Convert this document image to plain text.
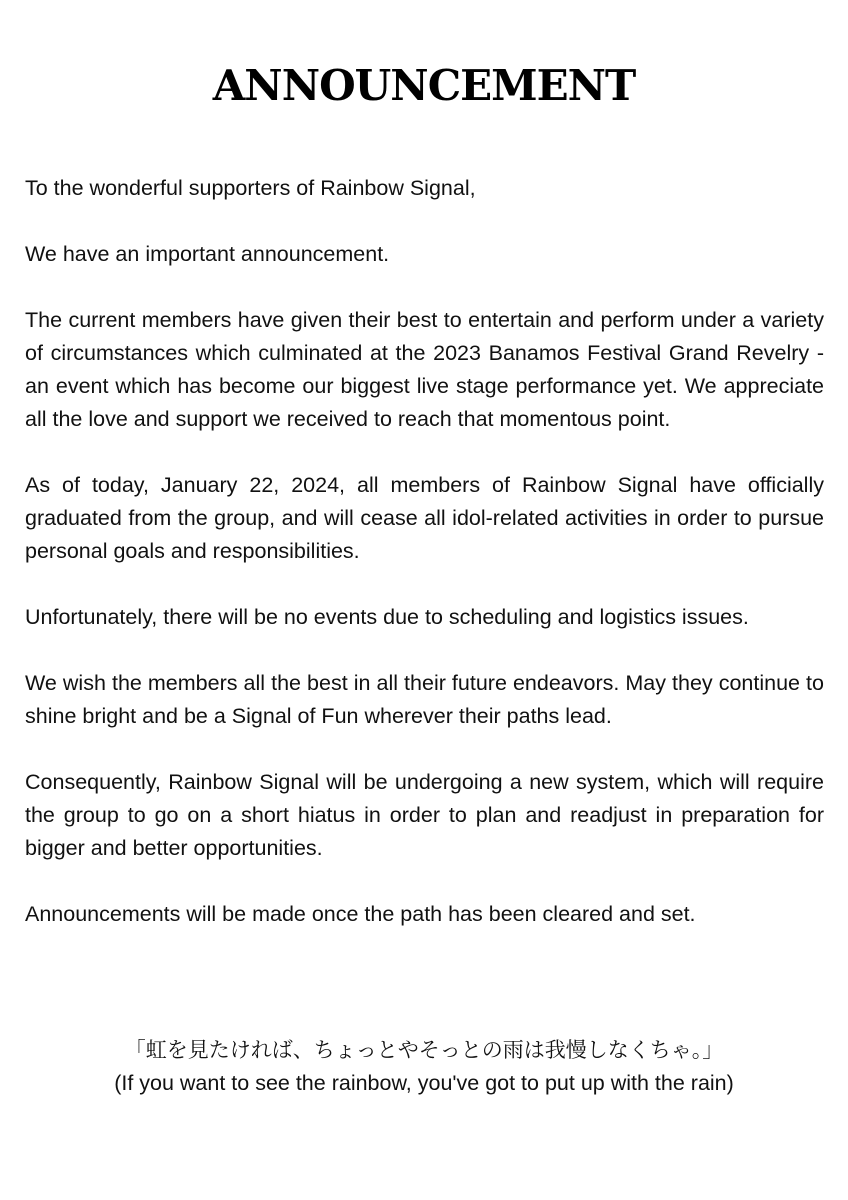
ANNOUNCEMENT

To the wonderful supporters of Rainbow Signal,

We have an important announcement.

The current members have given their best to entertain and perform under a variety of circumstances which culminated at the 2023 Banamos Festival Grand Revelry - an event which has become our biggest live stage performance yet. We appreciate all the love and support we received to reach that momentous point.

As of today, January 22, 2024, all members of Rainbow Signal have officially graduated from the group, and will cease all idol-related activities in order to pursue personal goals and responsibilities.

Unfortunately, there will be no events due to scheduling and logistics issues.

We wish the members all the best in all their future endeavors. May they continue to shine bright and be a Signal of Fun wherever their paths lead.

Consequently, Rainbow Signal will be undergoing a new system, which will require the group to go on a short hiatus in order to plan and readjust in preparation for bigger and better opportunities.

Announcements will be made once the path has been cleared and set.

「虹を見たければ、ちょっとやそっとの雨は我慢しなくちゃ。」
(If you want to see the rainbow, you've got to put up with the rain)
